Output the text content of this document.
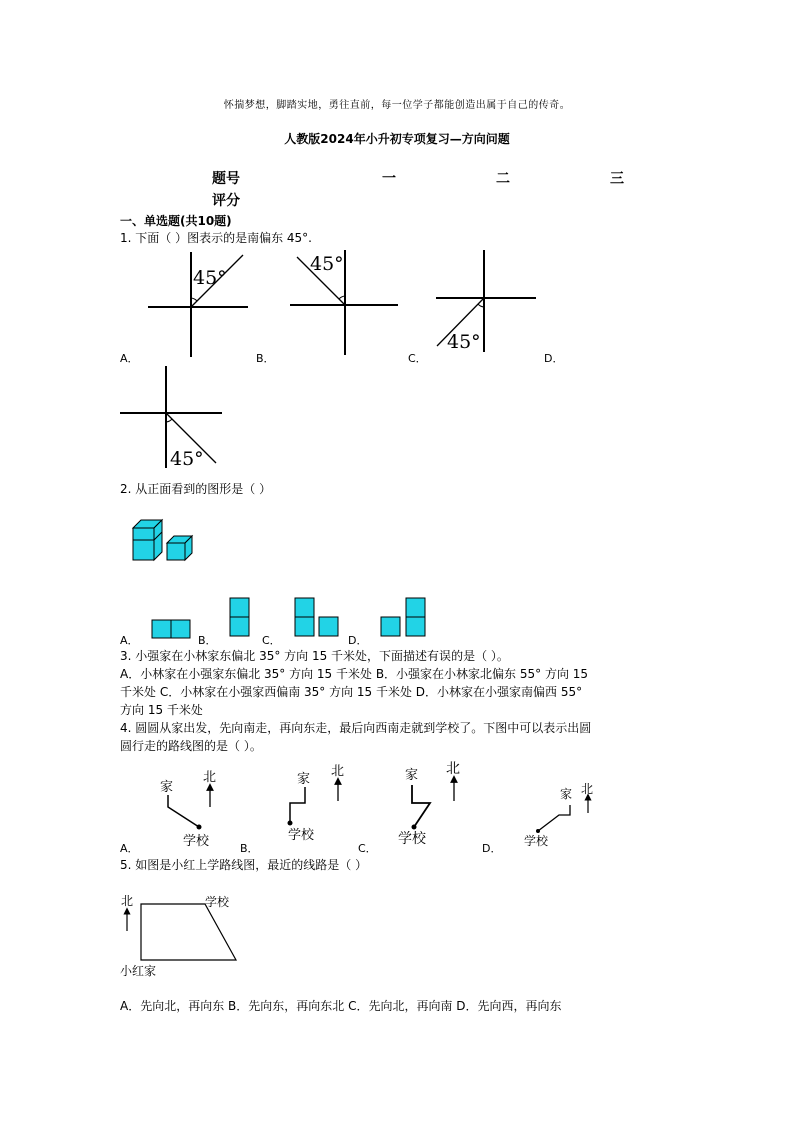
怀揣梦想，脚踏实地，勇往直前，每一位学子都能创造出属于自己的传奇。
人教版2024年小升初专项复习—方向问题
题号	一	二	三
评分
一、单选题(共10题)
1. 下面（ ）图表示的是南偏东 45°.
45°
45°
45°
45°
A．	B．	C．	D．
2. 从正面看到的图形是（ ）
A．	B．	C．	D．
3. 小强家在小林家东偏北 35° 方向 15 千米处，下面描述有误的是（ ）。
A．小林家在小强家东偏北 35° 方向 15 千米处 B．小强家在小林家北偏东 55° 方向 15
千米处 C．小林家在小强家西偏南 35° 方向 15 千米处 D．小林家在小强家南偏西 55°
方向 15 千米处
4. 圆圆从家出发，先向南走，再向东走，最后向西南走就到学校了。下图中可以表示出圆
圆行走的路线图的是（ ）。
家
学校
北	家
学校
北	家
学校
北
家
学校
北
A．	B．	C．	D．
5. 如图是小红上学路线图，最近的线路是（ ）
北	学校
小红家
A．先向北，再向东 B．先向东，再向东北 C．先向北，再向南 D．先向西，再向东
